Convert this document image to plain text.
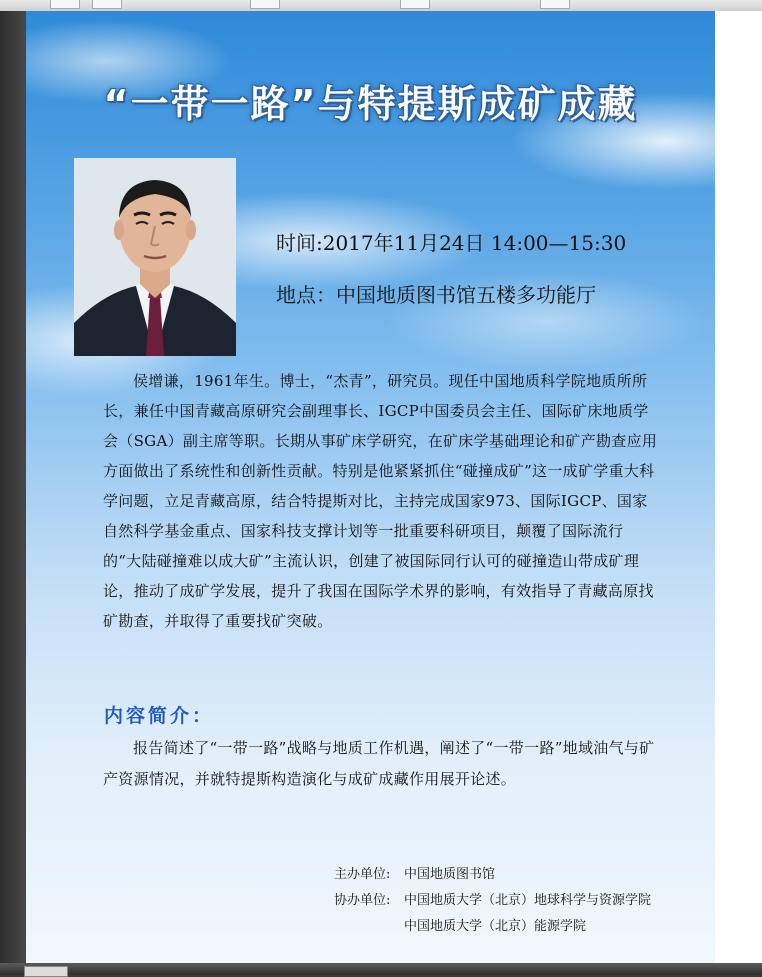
“一带一路”与特提斯成矿成藏
时间:2017年11月24日 14:00—15:30
地点：中国地质图书馆五楼多功能厅

侯增谦，1961年生。博士，“杰青”，研究员。现任中国地质科学院地质所所长，兼任中国青藏高原研究会副理事长、IGCP中国委员会主任、国际矿床地质学会（SGA）副主席等职。长期从事矿床学研究，在矿床学基础理论和矿产勘查应用方面做出了系统性和创新性贡献。特别是他紧紧抓住“碰撞成矿”这一成矿学重大科学问题，立足青藏高原，结合特提斯对比，主持完成国家973、国际IGCP、国家自然科学基金重点、国家科技支撑计划等一批重要科研项目，颠覆了国际流行的“大陆碰撞难以成大矿”主流认识，创建了被国际同行认可的碰撞造山带成矿理论，推动了成矿学发展，提升了我国在国际学术界的影响，有效指导了青藏高原找矿勘查，并取得了重要找矿突破。

内容简介：

报告简述了“一带一路”战略与地质工作机遇，阐述了“一带一路”地域油气与矿产资源情况，并就特提斯构造演化与成矿成藏作用展开论述。

主办单位: 中国地质图书馆
协办单位: 中国地质大学（北京）地球科学与资源学院
中国地质大学（北京）能源学院
